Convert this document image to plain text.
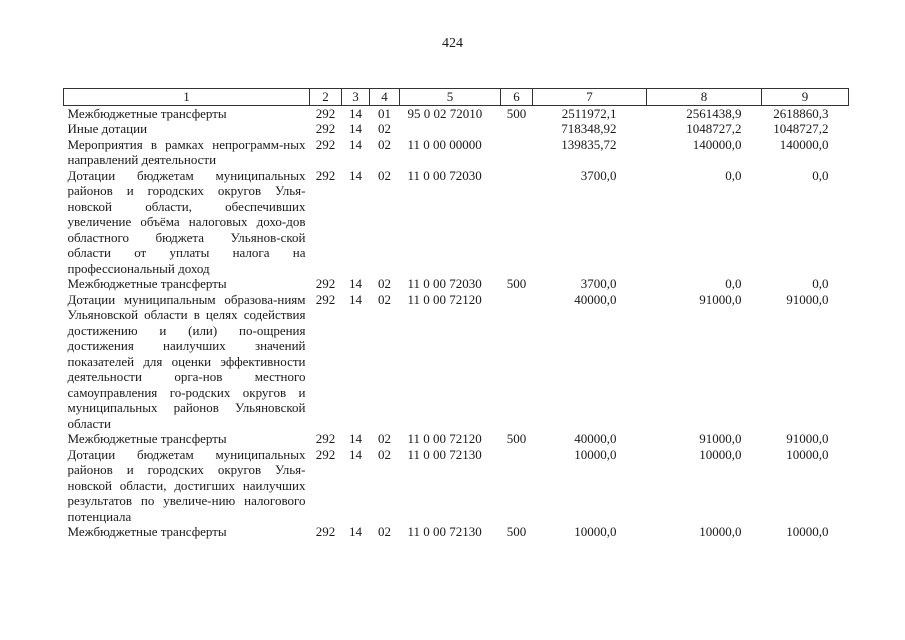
424
1	2	3	4	5	6	7	8	9
Межбюджетные трансферты	292	14	01	95 0 02 72010	500	2511972,1	2561438,9	2618860,3
Иные дотации	292	14	02			718348,92	1048727,2	1048727,2
Мероприятия в рамках непрограмм-ных направлений деятельности	292	14	02	11 0 00 00000		139835,72	140000,0	140000,0
Дотации бюджетам муниципальных районов и городских округов Улья-новской области, обеспечивших увеличение объёма налоговых дохо-дов областного бюджета Ульянов-ской области от уплаты налога на профессиональный доход	292	14	02	11 0 00 72030		3700,0	0,0	0,0
Межбюджетные трансферты	292	14	02	11 0 00 72030	500	3700,0	0,0	0,0
Дотации муниципальным образова-ниям Ульяновской области в целях содействия достижению и (или) по-ощрения достижения наилучших значений показателей для оценки эффективности деятельности орга-нов местного самоуправления го-родских округов и муниципальных районов Ульяновской области	292	14	02	11 0 00 72120		40000,0	91000,0	91000,0
Межбюджетные трансферты	292	14	02	11 0 00 72120	500	40000,0	91000,0	91000,0
Дотации бюджетам муниципальных районов и городских округов Улья-новской области, достигших наилучших результатов по увеличе-нию налогового потенциала	292	14	02	11 0 00 72130		10000,0	10000,0	10000,0
Межбюджетные трансферты	292	14	02	11 0 00 72130	500	10000,0	10000,0	10000,0
